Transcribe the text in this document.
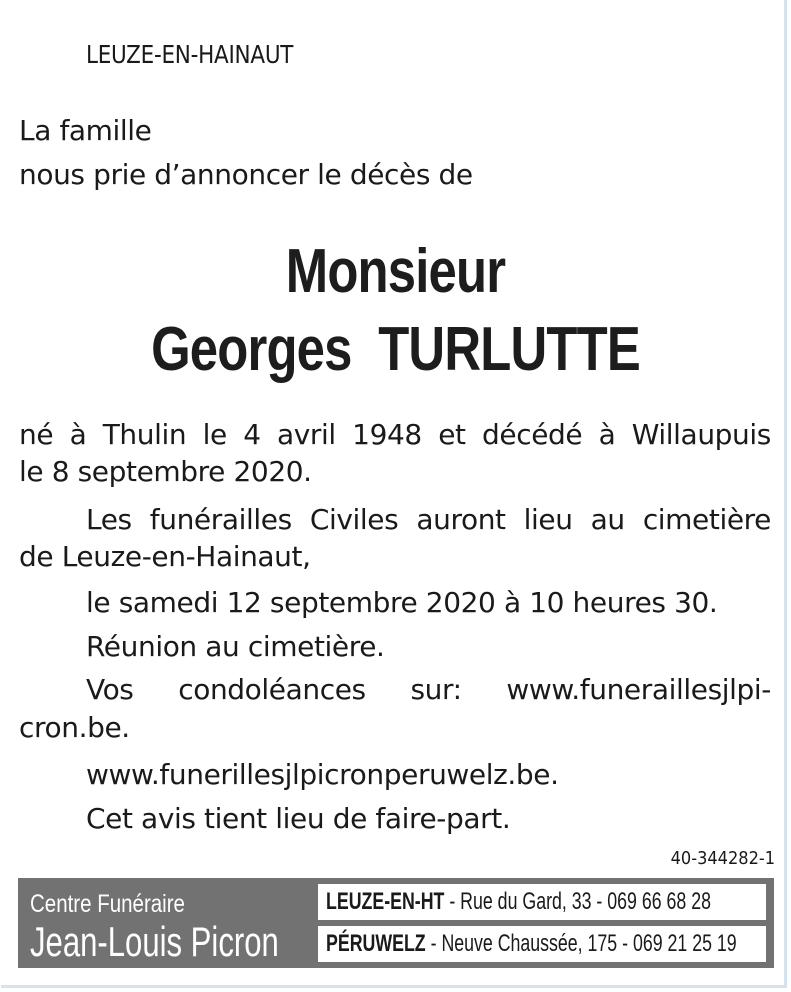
LEUZE-EN-HAINAUT
La famille
nous prie d’annoncer le décès de
Monsieur
Georges  TURLUTTE
né à Thulin le 4 avril 1948 et décédé à Willaupuis
le 8 septembre 2020.
Les funérailles Civiles auront lieu au cimetière
de Leuze-en-Hainaut,
le samedi 12 septembre 2020 à 10 heures 30.
Réunion au cimetière.
Vos condoléances sur: www.funeraillesjlpi-
cron.be.
www.funerillesjlpicronperuwelz.be.
Cet avis tient lieu de faire-part.
40-344282-1
Centre Funéraire
Jean-Louis Picron
LEUZE-EN-HT - Rue du Gard, 33 - 069 66 68 28
PÉRUWELZ - Neuve Chaussée, 175 - 069 21 25 19
